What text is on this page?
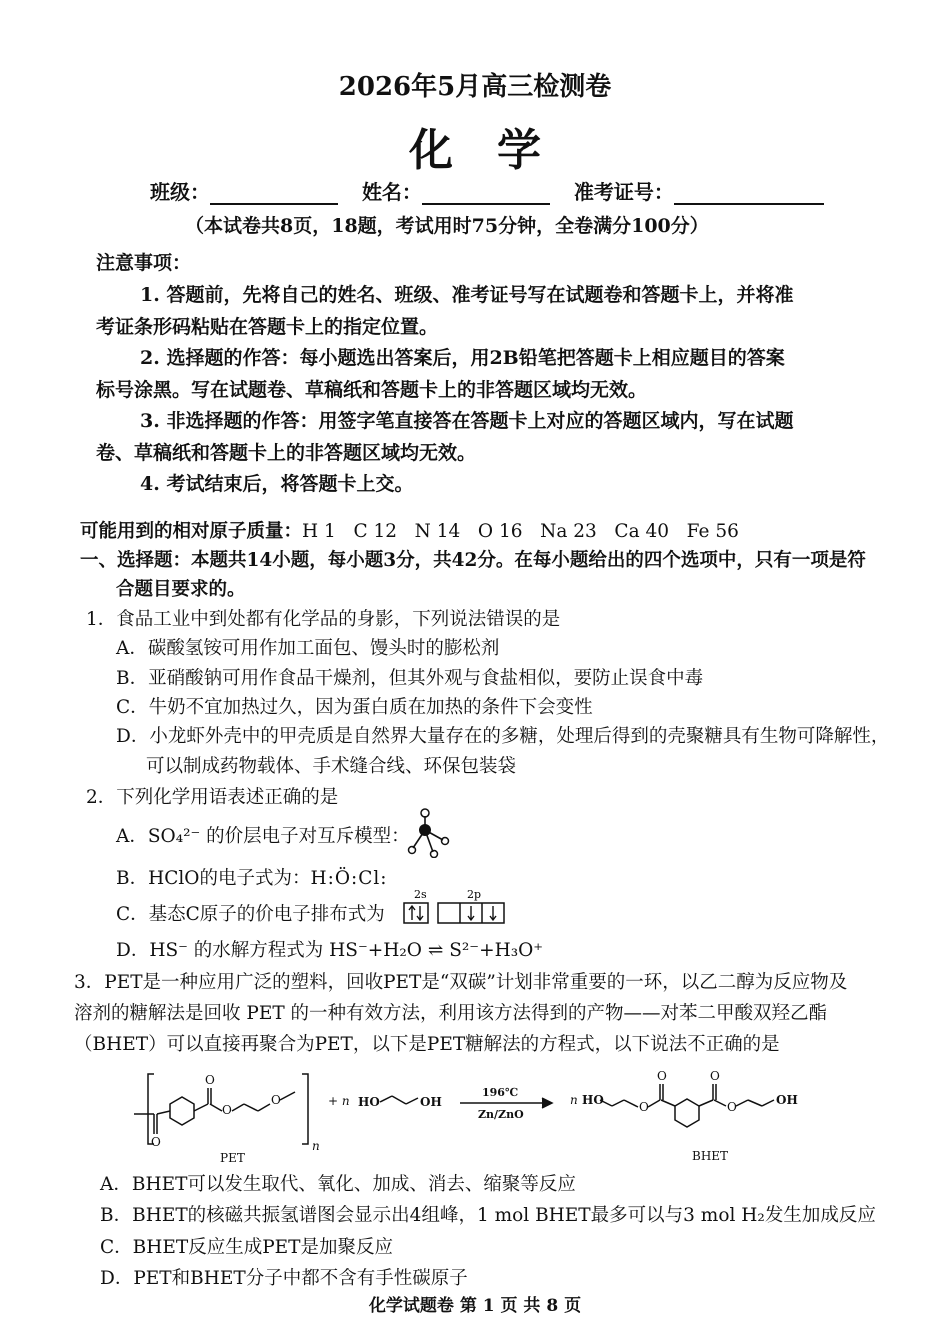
2026年5月高三检测卷
化学
班级：	姓名：	准考证号：
（本试卷共8页，18题，考试用时75分钟，全卷满分100分）
注意事项：
1. 答题前，先将自己的姓名、班级、准考证号写在试题卷和答题卡上，并将准
考证条形码粘贴在答题卡上的指定位置。
2. 选择题的作答：每小题选出答案后，用2B铅笔把答题卡上相应题目的答案
标号涂黑。写在试题卷、草稿纸和答题卡上的非答题区域均无效。
3. 非选择题的作答：用签字笔直接答在答题卡上对应的答题区域内，写在试题
卷、草稿纸和答题卡上的非答题区域均无效。
4. 考试结束后，将答题卡上交。
可能用到的相对原子质量：H 1   C 12   N 14   O 16   Na 23   Ca 40   Fe 56
一、选择题：本题共14小题，每小题3分，共42分。在每小题给出的四个选项中，只有一项是符
合题目要求的。
1．食品工业中到处都有化学品的身影，下列说法错误的是
A．碳酸氢铵可用作加工面包、馒头时的膨松剂
B．亚硝酸钠可用作食品干燥剂，但其外观与食盐相似，要防止误食中毒
C．牛奶不宜加热过久，因为蛋白质在加热的条件下会变性
D．小龙虾外壳中的甲壳质是自然界大量存在的多糖，处理后得到的壳聚糖具有生物可降解性，
可以制成药物载体、手术缝合线、环保包装袋
2．下列化学用语表述正确的是
A．SO₄²⁻ 的价层电子对互斥模型：
B．HClO的电子式为：H:Ö:Cl:
C．基态C原子的价电子排布式为
2s	2p
D．HS⁻ 的水解方程式为 HS⁻+H₂O ⇌ S²⁻+H₃O⁺
3．PET是一种应用广泛的塑料，回收PET是“双碳”计划非常重要的一环，以乙二醇为反应物及
溶剂的糖解法是回收 PET 的一种有效方法，利用该方法得到的产物——对苯二甲酸双羟乙酯
（BHET）可以直接再聚合为PET，以下是PET糖解法的方程式，以下说法不正确的是
O
O
O
O	n
PET
+ n HO	OH
196℃
Zn/ZnO
n HO	O
O	O
O	OH
BHET
A．BHET可以发生取代、氧化、加成、消去、缩聚等反应
B．BHET的核磁共振氢谱图会显示出4组峰，1 mol BHET最多可以与3 mol H₂发生加成反应
C．BHET反应生成PET是加聚反应
D．PET和BHET分子中都不含有手性碳原子
化学试题卷 第 1 页 共 8 页
